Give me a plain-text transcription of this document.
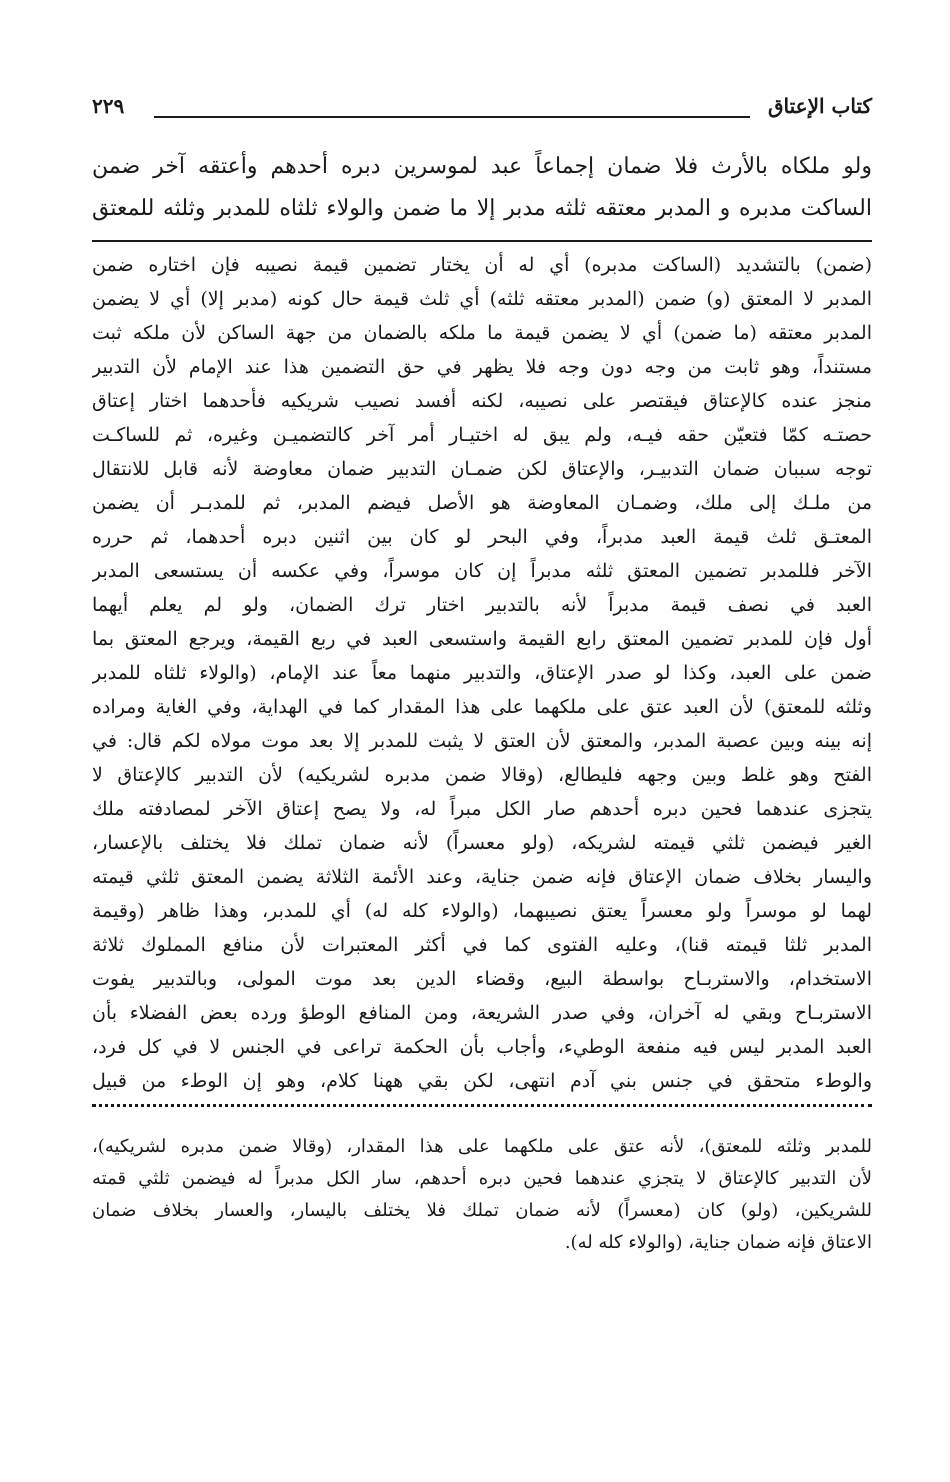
كتاب الإعتاق
٢٢٩
ولو ملكاه بالأرث فلا ضمان إجماعاً عبد لموسرين دبره أحدهم وأعتقه آخر ضمن
الساكت مدبره و المدبر معتقه ثلثه مدبر إلا ما ضمن والولاء ثلثاه للمدبر وثلثه للمعتق
(ضمن) بالتشديد (الساكت مدبره) أي له أن يختار تضمين قيمة نصيبه فإن اختاره ضمن
المدبر لا المعتق (و) ضمن (المدبر معتقه ثلثه) أي ثلث قيمة حال كونه (مدبر إلا) أي لا يضمن
المدبر معتقه (ما ضمن) أي لا يضمن قيمة ما ملكه بالضمان من جهة الساكن لأن ملكه ثبت
مستنداً، وهو ثابت من وجه دون وجه فلا يظهر في حق التضمين هذا عند الإمام لأن التدبير
منجز عنده كالإعتاق فيقتصر على نصيبه، لكنه أفسد نصيب شريكيه فأحدهما اختار إعتاق
حصتـه كمّا فتعيّن حقه فيـه، ولم يبق له اختيـار أمر آخر كالتضميـن وغيره، ثم للساكـت
توجه سببان ضمان التدبيـر، والإعتاق لكن ضمـان التدبير ضمان معاوضة لأنه قابل للانتقال
من ملـك إلى ملك، وضمـان المعاوضة هو الأصل فيضم المدبر، ثم للمدبـر أن يضمن
المعتـق ثلث قيمة العبد مدبراً، وفي البحر لو كان بين اثنين دبره أحدهما، ثم حرره
الآخر فللمدبر تضمين المعتق ثلثه مدبراً إن كان موسراً، وفي عكسه أن يستسعى المدبر
العبد في نصف قيمة مدبراً لأنه بالتدبير اختار ترك الضمان، ولو لم يعلم أيهما
أول فإن للمدبر تضمين المعتق رابع القيمة واستسعى العبد في ربع القيمة، ويرجع المعتق بما
ضمن على العبد، وكذا لو صدر الإعتاق، والتدبير منهما معاً عند الإمام، (والولاء ثلثاه للمدبر
وثلثه للمعتق) لأن العبد عتق على ملكهما على هذا المقدار كما في الهداية، وفي الغاية ومراده
إنه بينه وبين عصبة المدبر، والمعتق لأن العتق لا يثبت للمدبر إلا بعد موت مولاه لكم قال: في
الفتح وهو غلط وبين وجهه فليطالع، (وقالا ضمن مدبره لشريكيه) لأن التدبير كالإعتاق لا
يتجزى عندهما فحين دبره أحدهم صار الكل مبراً له، ولا يصح إعتاق الآخر لمصادفته ملك
الغير فيضمن ثلثي قيمته لشريكه، (ولو معسراً) لأنه ضمان تملك فلا يختلف بالإعسار،
واليسار بخلاف ضمان الإعتاق فإنه ضمن جناية، وعند الأئمة الثلاثة يضمن المعتق ثلثي قيمته
لهما لو موسراً ولو معسراً يعتق نصيبهما، (والولاء كله له) أي للمدبر، وهذا ظاهر (وقيمة
المدبر ثلثا قيمته قنا)، وعليه الفتوى كما في أكثر المعتبرات لأن منافع المملوك ثلاثة
الاستخدام، والاستربـاح بواسطة البيع، وقضاء الدين بعد موت المولى، وبالتدبير يفوت
الاستربـاح وبقي له آخران، وفي صدر الشريعة، ومن المنافع الوطؤ ورده بعض الفضلاء بأن
العبد المدبر ليس فيه منفعة الوطيء، وأجاب بأن الحكمة تراعى في الجنس لا في كل فرد،
والوطء متحقق في جنس بني آدم انتهى، لكن بقي ههنا كلام، وهو إن الوطء من قبيل
للمدبر وثلثه للمعتق)، لأنه عتق على ملكهما على هذا المقدار، (وقالا ضمن مدبره لشريكيه)،
لأن التدبير كالإعتاق لا يتجزي عندهما فحين دبره أحدهم، سار الكل مدبراً له فيضمن ثلثي قمته
للشريكين، (ولو) كان (معسراً) لأنه ضمان تملك فلا يختلف باليسار، والعسار بخلاف ضمان
الاعتاق فإنه ضمان جناية، (والولاء كله له).
